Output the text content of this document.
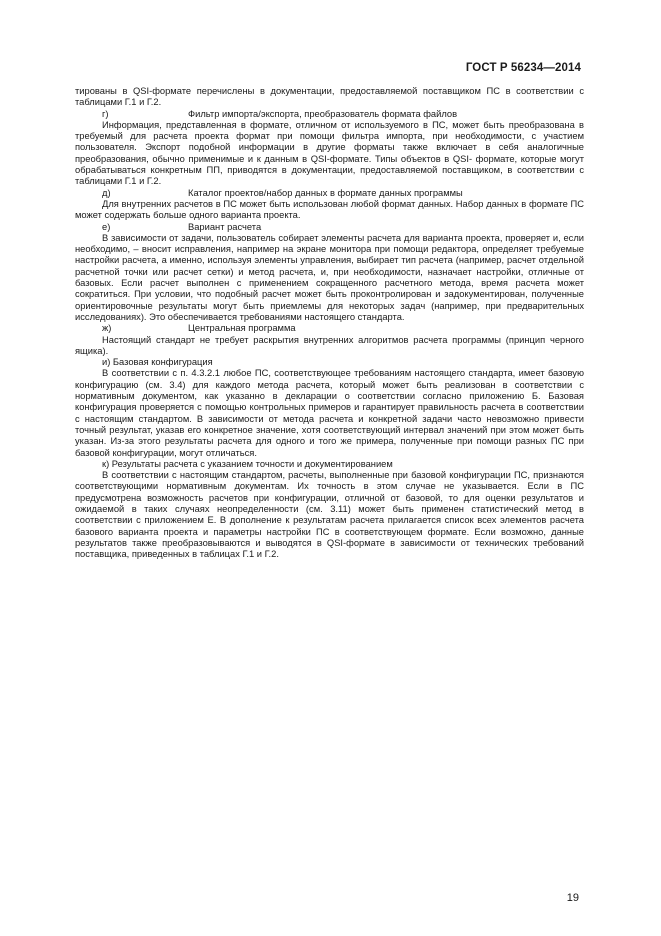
ГОСТ Р 56234—2014

тированы в QSI-формате перечислены в документации, предоставляемой поставщиком ПС в соответствии с таблицами Г.1 и Г.2.

г)	Фильтр импорта/экспорта, преобразователь формата файлов

Информация, представленная в формате, отличном от используемого в ПС, может быть преобразована в требуемый для расчета проекта формат при помощи фильтра импорта, при необходимости, с участием пользователя. Экспорт подобной информации в другие форматы также включает в себя аналогичные преобразования, обычно применимые и к данным в QSI-формате. Типы объектов в QSI- формате, которые могут обрабатываться конкретным ПП, приводятся в документации, предоставляемой поставщиком, в соответствии с таблицами Г.1 и Г.2.

д)	Каталог проектов/набор данных в формате данных программы

Для внутренних расчетов в ПС может быть использован любой формат данных. Набор данных в формате ПС может содержать больше одного варианта проекта.

е)	Вариант расчета

В зависимости от задачи, пользователь собирает элементы расчета для варианта проекта, проверяет и, если необходимо, – вносит исправления, например на экране монитора при помощи редактора, определяет требуемые настройки расчета, а именно, используя элементы управления, выбирает тип расчета (например, расчет отдельной расчетной точки или расчет сетки) и метод расчета, и, при необходимости, назначает настройки, отличные от базовых. Если расчет выполнен с применением сокращенного расчетного метода, время расчета может сократиться. При условии, что подобный расчет может быть проконтролирован и задокументирован, полученные ориентировочные результаты могут быть приемлемы для некоторых задач (например, при предварительных исследованиях). Это обеспечивается требованиями настоящего стандарта.

ж)	Центральная программа

Настоящий стандарт не требует раскрытия внутренних алгоритмов расчета программы (принцип черного ящика).

и) Базовая конфигурация

В соответствии с п. 4.3.2.1 любое ПС, соответствующее требованиям настоящего стандарта, имеет базовую конфигурацию (см. 3.4) для каждого метода расчета, который может быть реализован в соответствии с нормативным документом, как указанно в декларации о соответствии согласно приложению Б. Базовая конфигурация проверяется с помощью контрольных примеров и гарантирует правильность расчета в соответствии с настоящим стандартом. В зависимости от метода расчета и конкретной задачи часто невозможно привести точный результат, указав его конкретное значение, хотя соответствующий интервал значений при этом может быть указан. Из-за этого результаты расчета для одного и того же примера, полученные при помощи разных ПС при базовой конфигурации, могут отличаться.

к) Результаты расчета с указанием точности и документированием

В соответствии с настоящим стандартом, расчеты, выполненные при базовой конфигурации ПС, признаются соответствующими нормативным документам. Их точность в этом случае не указывается. Если в ПС предусмотрена возможность расчетов при конфигурации, отличной от базовой, то для оценки результатов и ожидаемой в таких случаях неопределенности (см. 3.11) может быть применен статистический метод в соответствии с приложением Е. В дополнение к результатам расчета прилагается список всех элементов расчета базового варианта проекта и параметры настройки ПС в соответствующем формате. Если возможно, данные результатов также преобразовываются и выводятся в QSI-формате в зависимости от технических требований поставщика, приведенных в таблицах Г.1 и Г.2.

19
